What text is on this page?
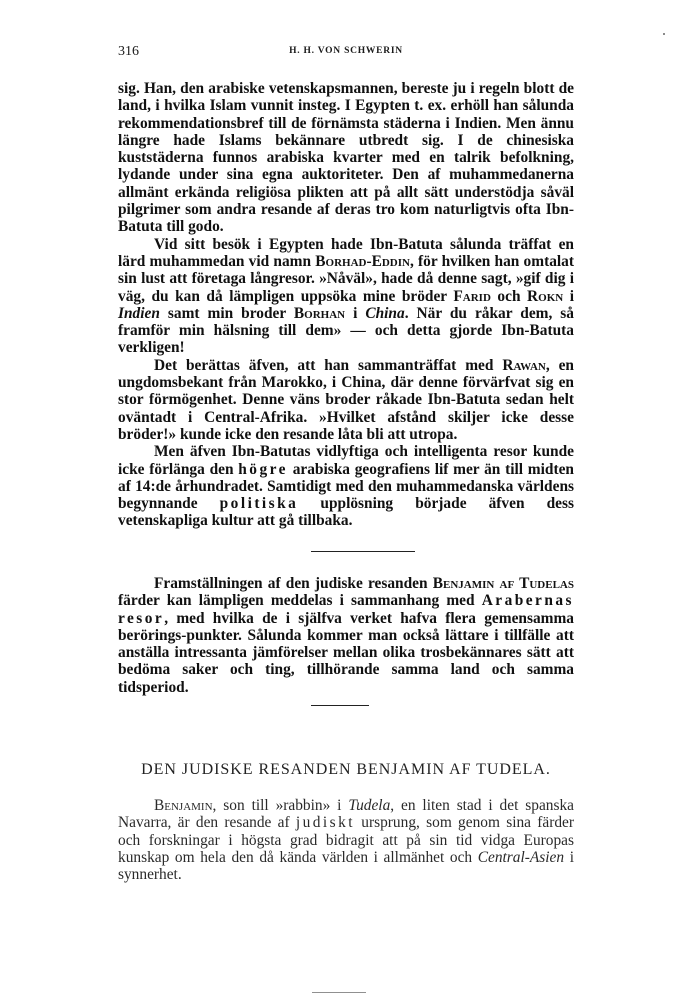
316	H. H. VON SCHWERIN

sig. Han, den arabiske vetenskapsmannen, bereste ju i regeln blott de land, i hvilka Islam vunnit insteg. I Egypten t. ex. erhöll han sålunda rekommendationsbref till de förnämsta städerna i Indien. Men ännu längre hade Islams bekännare utbredt sig. I de chinesiska kuststäderna funnos arabiska kvarter med en talrik befolkning, lydande under sina egna auktoriteter. Den af muhammedanerna allmänt erkända religiösa plikten att på allt sätt understödja såväl pilgrimer som andra resande af deras tro kom naturligtvis ofta Ibn-Batuta till godo.

Vid sitt besök i Egypten hade Ibn-Batuta sålunda träffat en lärd muhammedan vid namn Borhad-Eddin, för hvilken han omtalat sin lust att företaga långresor. »Nåväl», hade då denne sagt, »gif dig i väg, du kan då lämpligen uppsöka mine bröder Farid och Rokn i Indien samt min broder Borhan i China. När du råkar dem, så framför min hälsning till dem» — och detta gjorde Ibn-Batuta verkligen!

Det berättas äfven, att han sammanträffat med Rawan, en ungdomsbekant från Marokko, i China, där denne förvärfvat sig en stor förmögenhet. Denne väns broder råkade Ibn-Batuta sedan helt oväntadt i Central-Afrika. »Hvilket afstånd skiljer icke desse bröder!» kunde icke den resande låta bli att utropa.

Men äfven Ibn-Batutas vidlyftiga och intelligenta resor kunde icke förlänga den högre arabiska geografiens lif mer än till midten af 14:de århundradet. Samtidigt med den muhammedanska världens begynnande politiska upplösning började äfven dess vetenskapliga kultur att gå tillbaka.

Framställningen af den judiske resanden Benjamin af Tudelas färder kan lämpligen meddelas i sammanhang med Arabernas resor, med hvilka de i själfva verket hafva flera gemensamma berörings-punkter. Sålunda kommer man också lättare i tillfälle att anställa intressanta jämförelser mellan olika trosbekännares sätt att bedöma saker och ting, tillhörande samma land och samma tidsperiod.

DEN JUDISKE RESANDEN BENJAMIN AF TUDELA.

Benjamin, son till »rabbin» i Tudela, en liten stad i det spanska Navarra, är den resande af judiskt ursprung, som genom sina färder och forskningar i högsta grad bidragit att på sin tid vidga Europas kunskap om hela den då kända världen i allmänhet och Central-Asien i synnerhet.
